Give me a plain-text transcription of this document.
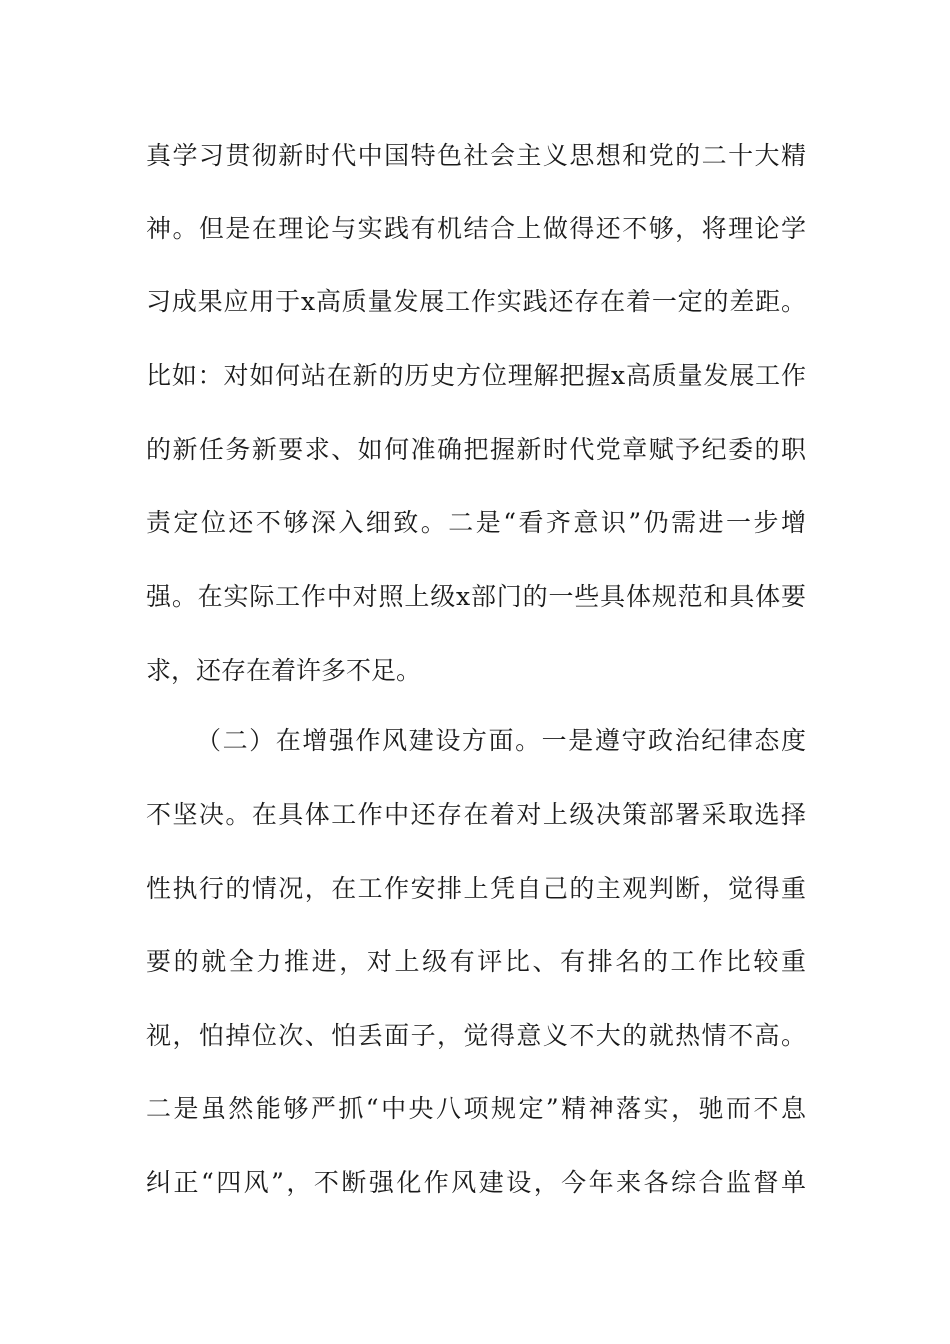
真学习贯彻新时代中国特色社会主义思想和党的二十大精
神。但是在理论与实践有机结合上做得还不够，将理论学
习成果应用于x高质量发展工作实践还存在着一定的差距。
比如：对如何站在新的历史方位理解把握x高质量发展工作
的新任务新要求、如何准确把握新时代党章赋予纪委的职
责定位还不够深入细致。二是“看齐意识”仍需进一步增
强。在实际工作中对照上级x部门的一些具体规范和具体要
求，还存在着许多不足。
（二）在增强作风建设方面。一是遵守政治纪律态度
不坚决。在具体工作中还存在着对上级决策部署采取选择
性执行的情况，在工作安排上凭自己的主观判断，觉得重
要的就全力推进，对上级有评比、有排名的工作比较重
视，怕掉位次、怕丢面子，觉得意义不大的就热情不高。
二是虽然能够严抓“中央八项规定”精神落实，驰而不息
纠正“四风”，不断强化作风建设，今年来各综合监督单
